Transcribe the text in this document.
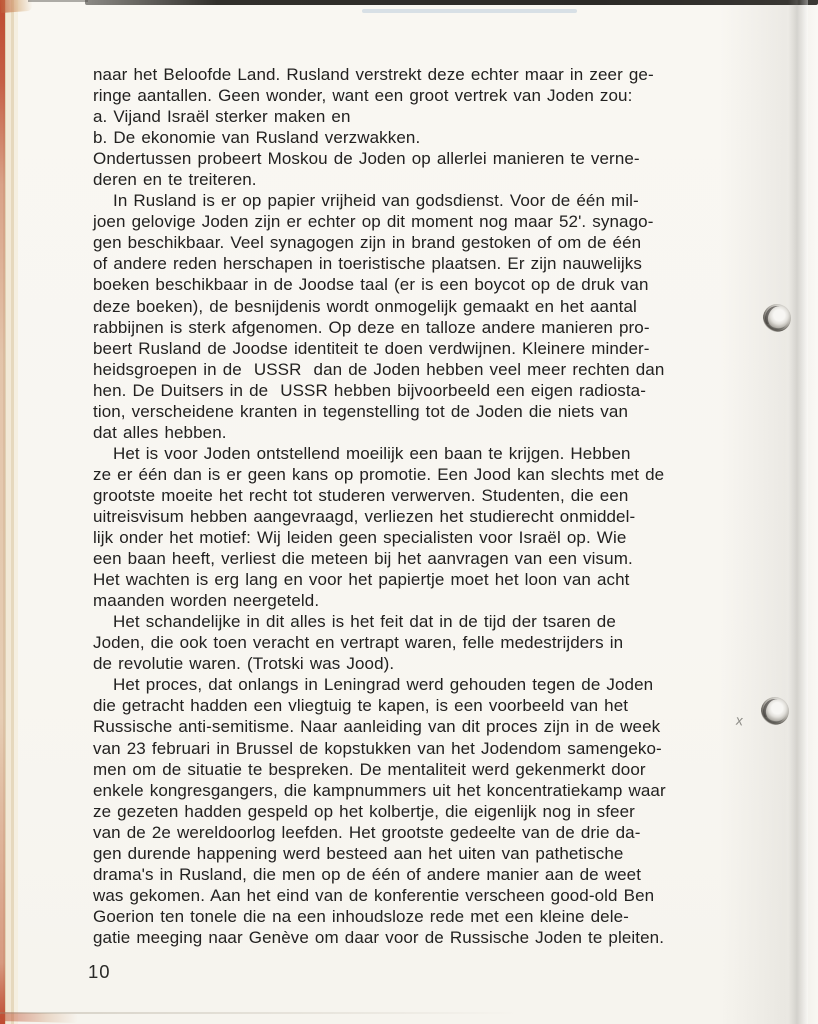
x
naar het Beloofde Land. Rusland verstrekt deze echter maar in zeer ge-
ringe aantallen. Geen wonder, want een groot vertrek van Joden zou:
a. Vijand Israël sterker maken en
b. De ekonomie van Rusland verzwakken.
Ondertussen probeert Moskou de Joden op allerlei manieren te verne-
deren en te treiteren.
In Rusland is er op papier vrijheid van godsdienst. Voor de één mil-
joen gelovige Joden zijn er echter op dit moment nog maar 52'. synago-
gen beschikbaar. Veel synagogen zijn in brand gestoken of om de één
of andere reden herschapen in toeristische plaatsen. Er zijn nauwelijks
boeken beschikbaar in de Joodse taal (er is een boycot op de druk van
deze boeken), de besnijdenis wordt onmogelijk gemaakt en het aantal
rabbijnen is sterk afgenomen. Op deze en talloze andere manieren pro-
beert Rusland de Joodse identiteit te doen verdwijnen. Kleinere minder-
heidsgroepen in de  USSR  dan de Joden hebben veel meer rechten dan
hen. De Duitsers in de  USSR hebben bijvoorbeeld een eigen radiosta-
tion, verscheidene kranten in tegenstelling tot de Joden die niets van
dat alles hebben.
Het is voor Joden ontstellend moeilijk een baan te krijgen. Hebben
ze er één dan is er geen kans op promotie. Een Jood kan slechts met de
grootste moeite het recht tot studeren verwerven. Studenten, die een
uitreisvisum hebben aangevraagd, verliezen het studierecht onmiddel-
lijk onder het motief: Wij leiden geen specialisten voor Israël op. Wie
een baan heeft, verliest die meteen bij het aanvragen van een visum.
Het wachten is erg lang en voor het papiertje moet het loon van acht
maanden worden neergeteld.
Het schandelijke in dit alles is het feit dat in de tijd der tsaren de
Joden, die ook toen veracht en vertrapt waren, felle medestrijders in
de revolutie waren. (Trotski was Jood).
Het proces, dat onlangs in Leningrad werd gehouden tegen de Joden
die getracht hadden een vliegtuig te kapen, is een voorbeeld van het
Russische anti-semitisme. Naar aanleiding van dit proces zijn in de week
van 23 februari in Brussel de kopstukken van het Jodendom samengeko-
men om de situatie te bespreken. De mentaliteit werd gekenmerkt door
enkele kongresgangers, die kampnummers uit het koncentratiekamp waar
ze gezeten hadden gespeld op het kolbertje, die eigenlijk nog in sfeer
van de 2e wereldoorlog leefden. Het grootste gedeelte van de drie da-
gen durende happening werd besteed aan het uiten van pathetische
drama's in Rusland, die men op de één of andere manier aan de weet
was gekomen. Aan het eind van de konferentie verscheen good-old Ben
Goerion ten tonele die na een inhoudsloze rede met een kleine dele-
gatie meeging naar Genève om daar voor de Russische Joden te pleiten.
10
